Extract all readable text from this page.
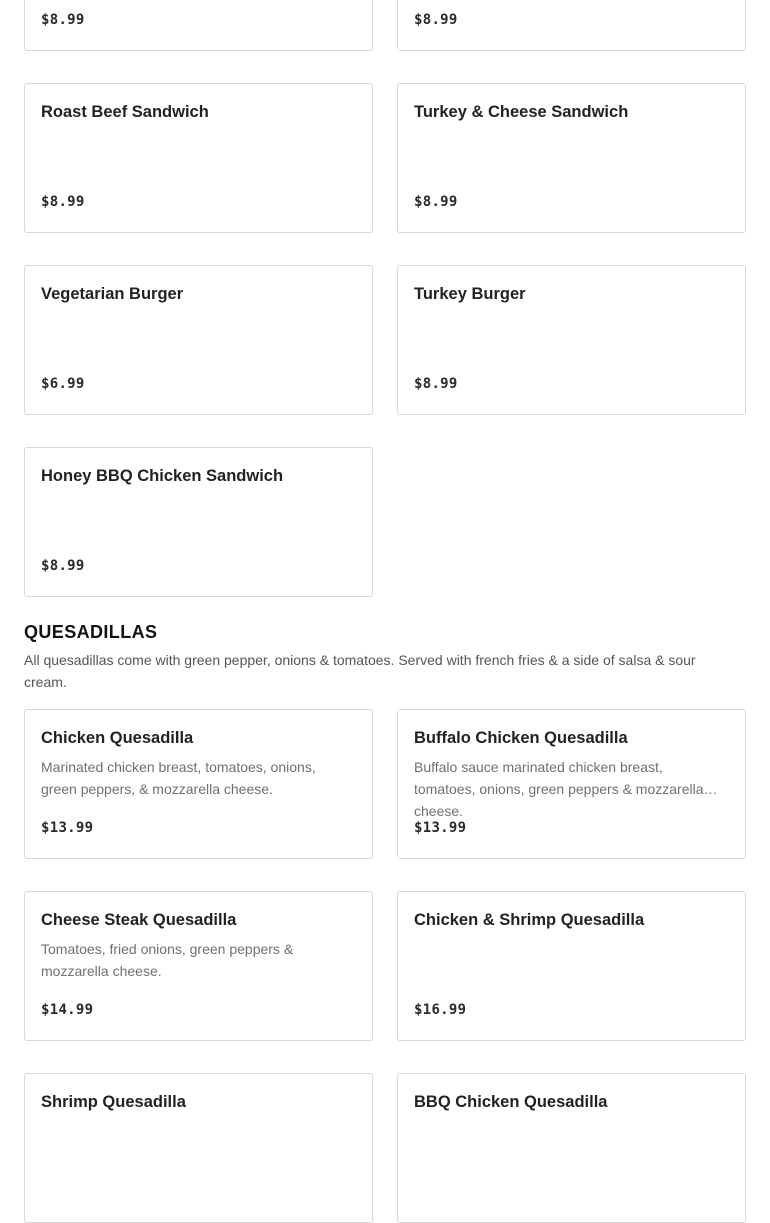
$8.99	$8.99
Roast Beef Sandwich
$8.99
Turkey & Cheese Sandwich
$8.99
Vegetarian Burger
$6.99
Turkey Burger
$8.99
Honey BBQ Chicken Sandwich
$8.99
QUESADILLAS
All quesadillas come with green pepper, onions & tomatoes. Served with french fries & a side of salsa & sour cream.
Chicken Quesadilla
Marinated chicken breast, tomatoes, onions, green peppers, & mozzarella cheese.
$13.99
Buffalo Chicken Quesadilla
Buffalo sauce marinated chicken breast, tomatoes, onions, green peppers & mozzarella cheese.
$13.99
Cheese Steak Quesadilla
Tomatoes, fried onions, green peppers & mozzarella cheese.
$14.99
Chicken & Shrimp Quesadilla
$16.99
Shrimp Quesadilla	BBQ Chicken Quesadilla
